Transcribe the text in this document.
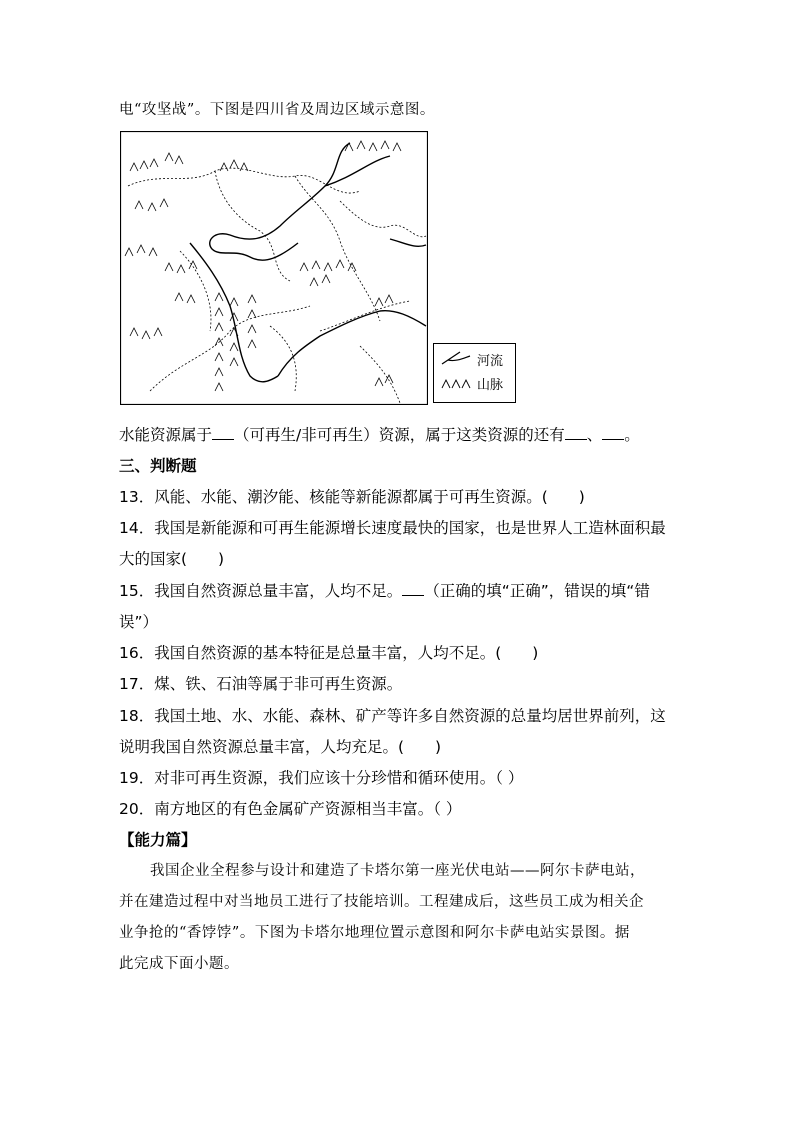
电“攻坚战”。下图是四川省及周边区域示意图。
河流
山脉
水能资源属于 （可再生/非可再生）资源，属于这类资源的还有 、 。
三、判断题
13．风能、水能、潮汐能、核能等新能源都属于可再生资源。(　　)
14．我国是新能源和可再生能源增长速度最快的国家，也是世界人工造林面积最
大的国家(　　)
15．我国自然资源总量丰富，人均不足。 （正确的填“正确”，错误的填“错
误”）
16．我国自然资源的基本特征是总量丰富，人均不足。(　　)
17．煤、铁、石油等属于非可再生资源。
18．我国土地、水、水能、森林、矿产等许多自然资源的总量均居世界前列，这
说明我国自然资源总量丰富，人均充足。(　　)
19．对非可再生资源，我们应该十分珍惜和循环使用。（ ）
20．南方地区的有色金属矿产资源相当丰富。（ ）
【能力篇】
我国企业全程参与设计和建造了卡塔尔第一座光伏电站——阿尔卡萨电站，
并在建造过程中对当地员工进行了技能培训。工程建成后，这些员工成为相关企
业争抢的“香饽饽”。下图为卡塔尔地理位置示意图和阿尔卡萨电站实景图。据
此完成下面小题。
